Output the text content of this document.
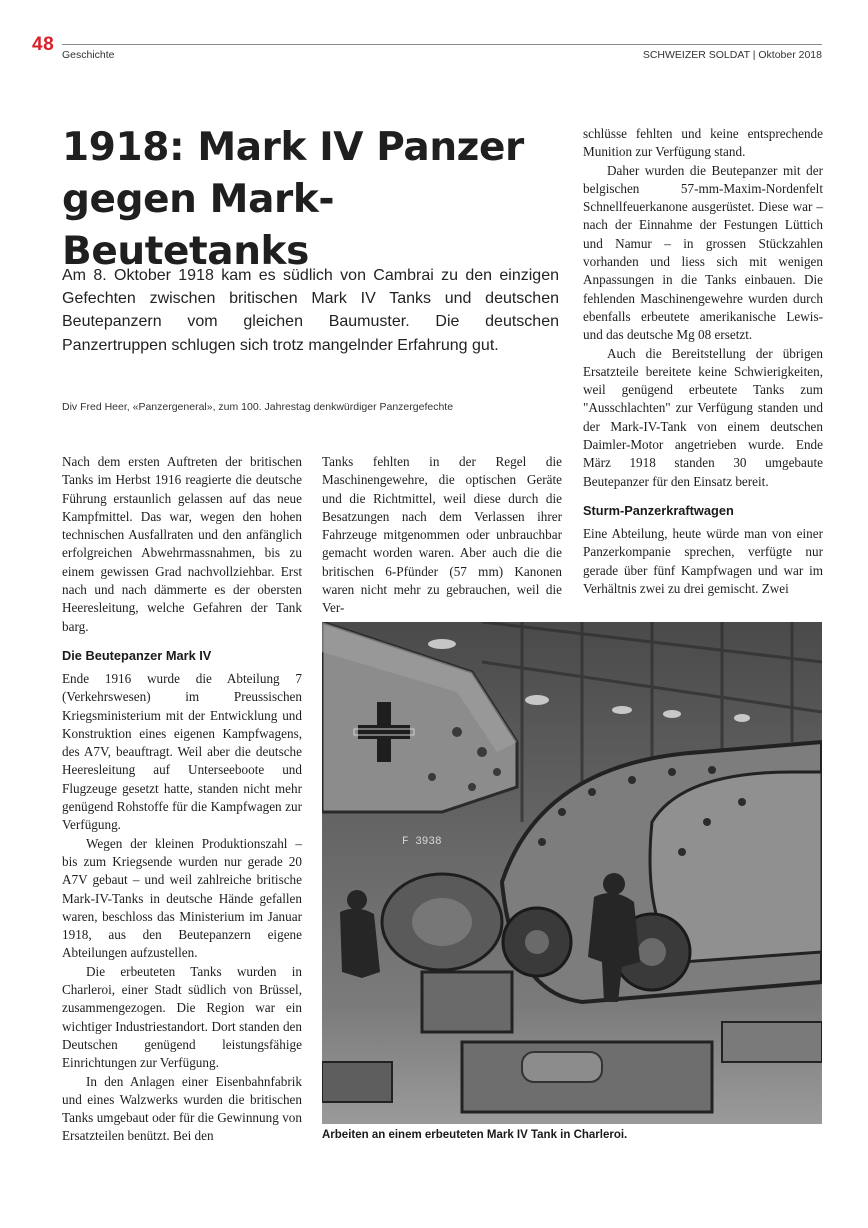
48 Geschichte	SCHWEIZER SOLDAT | Oktober 2018
1918: Mark IV Panzer
gegen Mark-Beutetanks

Am 8. Oktober 1918 kam es südlich von Cambrai zu den einzigen Gefechten zwischen britischen Mark IV Tanks und deutschen Beutepanzern vom gleichen Baumuster. Die deutschen Panzertruppen schlugen sich trotz mangelnder Erfahrung gut.

Div Fred Heer, «Panzergeneral», zum 100. Jahrestag denkwürdiger Panzergefechte

Nach dem ersten Auftreten der britischen Tanks im Herbst 1916 reagierte die deutsche Führung erstaunlich gelassen auf das neue Kampfmittel. Das war, wegen den hohen technischen Ausfallraten und den anfänglich erfolgreichen Abwehrmassnahmen, bis zu einem gewissen Grad nachvollziehbar. Erst nach und nach dämmerte es der obersten Heeresleitung, welche Gefahren der Tank barg.

Die Beutepanzer Mark IV

Ende 1916 wurde die Abteilung 7 (Verkehrswesen) im Preussischen Kriegsministerium mit der Entwicklung und Konstruktion eines eigenen Kampfwagens, des A7V, beauftragt. Weil aber die deutsche Heeresleitung auf Unterseeboote und Flugzeuge gesetzt hatte, standen nicht mehr genügend Rohstoffe für die Kampfwagen zur Verfügung.

Wegen der kleinen Produktionszahl – bis zum Kriegsende wurden nur gerade 20 A7V gebaut – und weil zahlreiche britische Mark-IV-Tanks in deutsche Hände gefallen waren, beschloss das Ministerium im Januar 1918, aus den Beutepanzern eigene Abteilungen aufzustellen.

Die erbeuteten Tanks wurden in Charleroi, einer Stadt südlich von Brüssel, zusammengezogen. Die Region war ein wichtiger Industriestandort. Dort standen den Deutschen genügend leistungsfähige Einrichtungen zur Verfügung.

In den Anlagen einer Eisenbahnfabrik und eines Walzwerks wurden die britischen Tanks umgebaut oder für die Gewinnung von Ersatzteilen benützt. Bei den

Tanks fehlten in der Regel die Maschinengewehre, die optischen Geräte und die Richtmittel, weil diese durch die Besatzungen nach dem Verlassen ihrer Fahrzeuge mitgenommen oder unbrauchbar gemacht worden waren. Aber auch die die britischen 6-Pfünder (57 mm) Kanonen waren nicht mehr zu gebrauchen, weil die Ver-

schlüsse fehlten und keine entsprechende Munition zur Verfügung stand.

Daher wurden die Beutepanzer mit der belgischen 57-mm-Maxim-Nordenfelt Schnellfeuerkanone ausgerüstet. Diese war – nach der Einnahme der Festungen Lüttich und Namur – in grossen Stückzahlen vorhanden und liess sich mit wenigen Anpassungen in die Tanks einbauen. Die fehlenden Maschinengewehre wurden durch ebenfalls erbeutete amerikanische Lewis- und das deutsche Mg 08 ersetzt.

Auch die Bereitstellung der übrigen Ersatzteile bereitete keine Schwierigkeiten, weil genügend erbeutete Tanks zum "Ausschlachten" zur Verfügung standen und der Mark-IV-Tank von einem deutschen Daimler-Motor angetrieben wurde. Ende März 1918 standen 30 umgebaute Beutepanzer für den Einsatz bereit.

Sturm-Panzerkraftwagen

Eine Abteilung, heute würde man von einer Panzerkompanie sprechen, verfügte nur gerade über fünf Kampfwagen und war im Verhältnis zwei zu drei gemischt. Zwei

F 3938
Arbeiten an einem erbeuteten Mark IV Tank in Charleroi.
